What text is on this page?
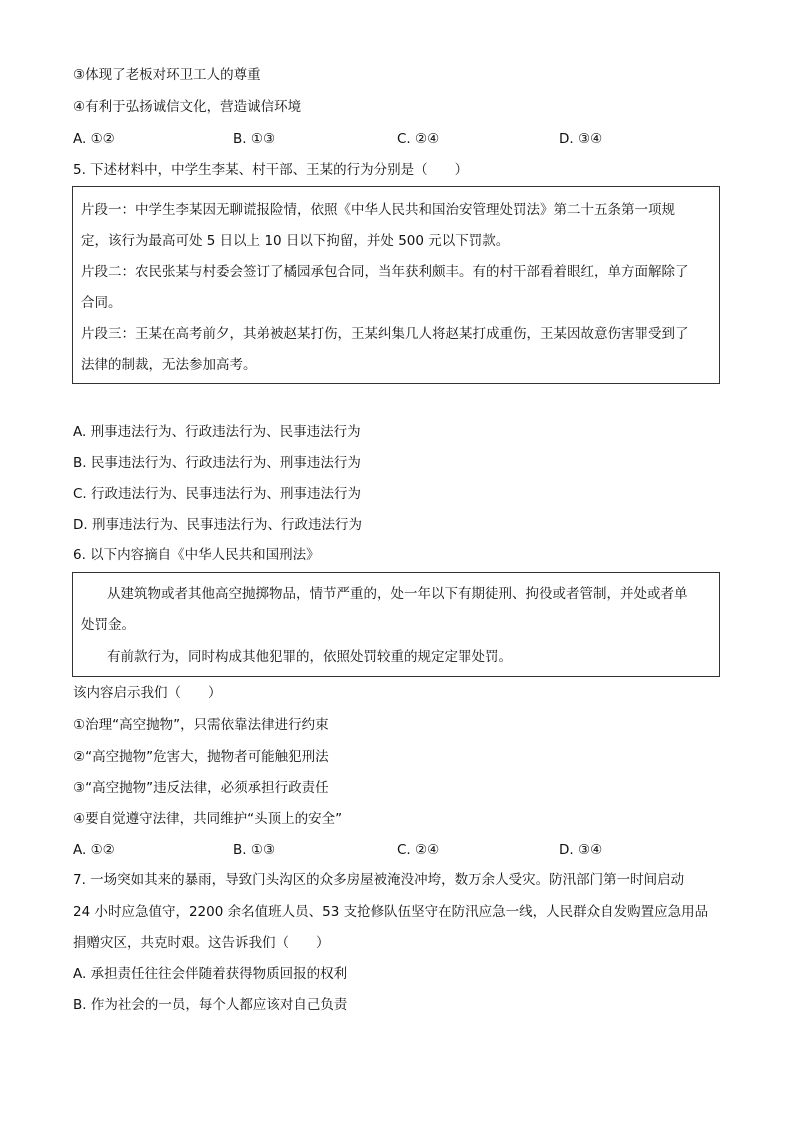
③体现了老板对环卫工人的尊重
④有利于弘扬诚信文化，营造诚信环境
A. ①②	B. ①③	C. ②④	D. ③④
5. 下述材料中，中学生李某、村干部、王某的行为分别是（　　）
片段一：中学生李某因无聊谎报险情，依照《中华人民共和国治安管理处罚法》第二十五条第一项规
定，该行为最高可处 5 日以上 10 日以下拘留，并处 500 元以下罚款。
片段二：农民张某与村委会签订了橘园承包合同，当年获利颇丰。有的村干部看着眼红，单方面解除了
合同。
片段三：王某在高考前夕，其弟被赵某打伤，王某纠集几人将赵某打成重伤，王某因故意伤害罪受到了
法律的制裁，无法参加高考。
A. 刑事违法行为、行政违法行为、民事违法行为
B. 民事违法行为、行政违法行为、刑事违法行为
C. 行政违法行为、民事违法行为、刑事违法行为
D. 刑事违法行为、民事违法行为、行政违法行为
6. 以下内容摘自《中华人民共和国刑法》
从建筑物或者其他高空抛掷物品，情节严重的，处一年以下有期徒刑、拘役或者管制，并处或者单
处罚金。
有前款行为，同时构成其他犯罪的，依照处罚较重的规定定罪处罚。
该内容启示我们（　　）
①治理“高空抛物”，只需依靠法律进行约束
②“高空抛物”危害大，抛物者可能触犯刑法
③“高空抛物”违反法律，必须承担行政责任
④要自觉遵守法律，共同维护“头顶上的安全”
A. ①②	B. ①③	C. ②④	D. ③④
7. 一场突如其来的暴雨，导致门头沟区的众多房屋被淹没冲垮，数万余人受灾。防汛部门第一时间启动
24 小时应急值守，2200 余名值班人员、53 支抢修队伍坚守在防汛应急一线，人民群众自发购置应急用品
捐赠灾区，共克时艰。这告诉我们（　　）
A. 承担责任往往会伴随着获得物质回报的权利
B. 作为社会的一员，每个人都应该对自己负责
